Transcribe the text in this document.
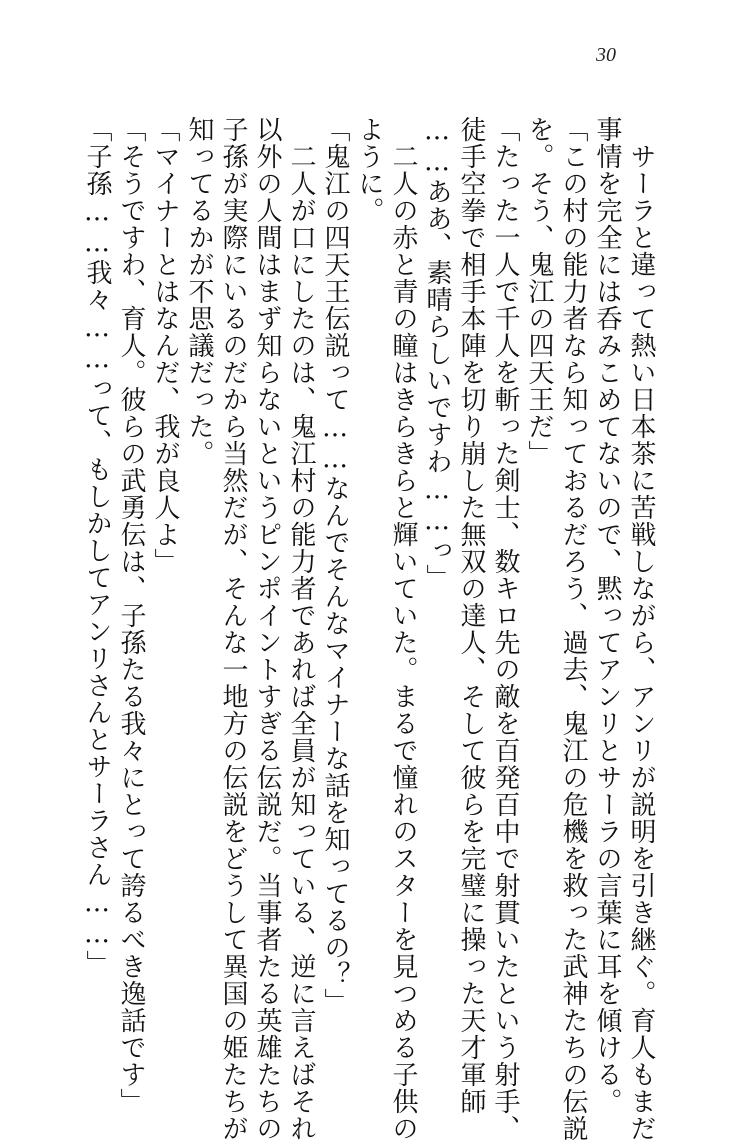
30
　サーラと違って熱い日本茶に苦戦しながら、アンリが説明を引き継ぐ。育人もまだ
事情を完全には呑みこめてないので、黙ってアンリとサーラの言葉に耳を傾ける。
「この村の能力者なら知っておるだろう、過去、鬼江の危機を救った武神たちの伝説
を。そう、鬼江の四天王だ」
「たった一人で千人を斬った剣士、数キロ先の敵を百発百中で射貫いたという射手、
徒手空拳で相手本陣を切り崩した無双の達人、そして彼らを完璧に操った天才軍師
……ああ、素晴らしいですわ……っ」
　二人の赤と青の瞳はきらきらと輝いていた。まるで憧れのスターを見つめる子供の
ように。
「鬼江の四天王伝説って……なんでそんなマイナーな話を知ってるの？」
　二人が口にしたのは、鬼江村の能力者であれば全員が知っている、逆に言えばそれ
以外の人間はまず知らないというピンポイントすぎる伝説だ。当事者たる英雄たちの
子孫が実際にいるのだから当然だが、そんな一地方の伝説をどうして異国の姫たちが
知ってるかが不思議だった。
「マイナーとはなんだ、我が良人よ」
「そうですわ、育人。彼らの武勇伝は、子孫たる我々にとって誇るべき逸話です」
「子孫……我々……って、もしかしてアンリさんとサーラさん……」
